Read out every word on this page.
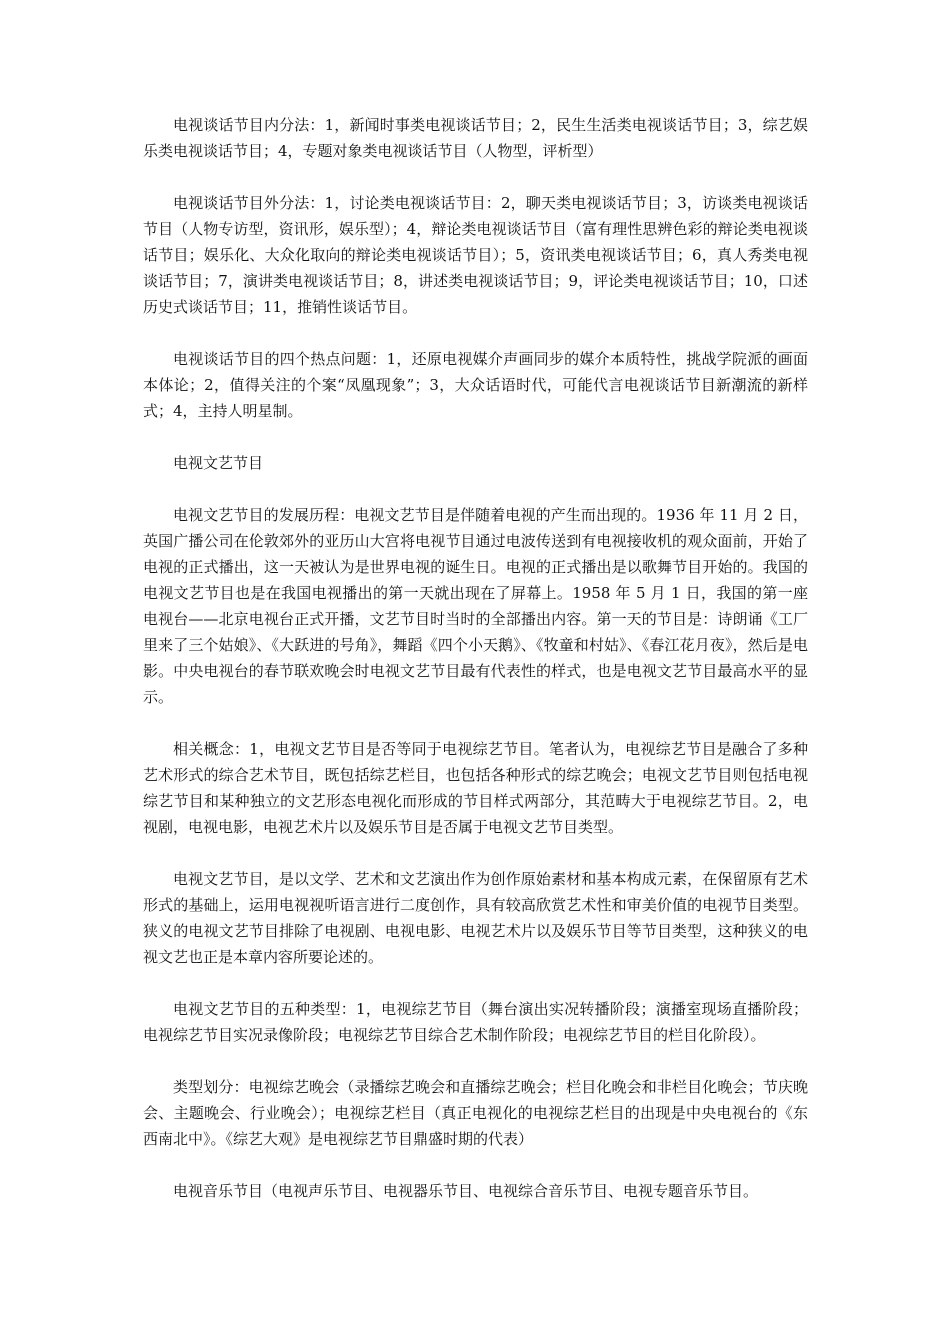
电视谈话节目内分法：1，新闻时事类电视谈话节目；2，民生生活类电视谈话节目；3，综艺娱乐类电视谈话节目；4，专题对象类电视谈话节目（人物型，评析型）

电视谈话节目外分法：1，讨论类电视谈话节目：2，聊天类电视谈话节目；3，访谈类电视谈话节目（人物专访型，资讯形，娱乐型）；4，辩论类电视谈话节目（富有理性思辨色彩的辩论类电视谈话节目；娱乐化、大众化取向的辩论类电视谈话节目）；5，资讯类电视谈话节目；6，真人秀类电视谈话节目；7，演讲类电视谈话节目；8，讲述类电视谈话节目；9，评论类电视谈话节目；10，口述历史式谈话节目；11，推销性谈话节目。

电视谈话节目的四个热点问题：1，还原电视媒介声画同步的媒介本质特性，挑战学院派的画面本体论；2，值得关注的个案“凤凰现象”；3，大众话语时代，可能代言电视谈话节目新潮流的新样式；4，主持人明星制。

电视文艺节目

电视文艺节目的发展历程：电视文艺节目是伴随着电视的产生而出现的。1936 年 11 月 2 日，英国广播公司在伦敦郊外的亚历山大宫将电视节目通过电波传送到有电视接收机的观众面前，开始了电视的正式播出，这一天被认为是世界电视的诞生日。电视的正式播出是以歌舞节目开始的。我国的电视文艺节目也是在我国电视播出的第一天就出现在了屏幕上。1958 年 5 月 1 日，我国的第一座电视台——北京电视台正式开播，文艺节目时当时的全部播出内容。第一天的节目是：诗朗诵《工厂里来了三个姑娘》、《大跃进的号角》，舞蹈《四个小天鹅》、《牧童和村姑》、《春江花月夜》，然后是电影。中央电视台的春节联欢晚会时电视文艺节目最有代表性的样式，也是电视文艺节目最高水平的显示。

相关概念：1，电视文艺节目是否等同于电视综艺节目。笔者认为，电视综艺节目是融合了多种艺术形式的综合艺术节目，既包括综艺栏目，也包括各种形式的综艺晚会；电视文艺节目则包括电视综艺节目和某种独立的文艺形态电视化而形成的节目样式两部分，其范畴大于电视综艺节目。2，电视剧，电视电影，电视艺术片以及娱乐节目是否属于电视文艺节目类型。

电视文艺节目，是以文学、艺术和文艺演出作为创作原始素材和基本构成元素，在保留原有艺术形式的基础上，运用电视视听语言进行二度创作，具有较高欣赏艺术性和审美价值的电视节目类型。狭义的电视文艺节目排除了电视剧、电视电影、电视艺术片以及娱乐节目等节目类型，这种狭义的电视文艺也正是本章内容所要论述的。

电视文艺节目的五种类型：1，电视综艺节目（舞台演出实况转播阶段；演播室现场直播阶段；电视综艺节目实况录像阶段；电视综艺节目综合艺术制作阶段；电视综艺节目的栏目化阶段）。

类型划分：电视综艺晚会（录播综艺晚会和直播综艺晚会；栏目化晚会和非栏目化晚会；节庆晚会、主题晚会、行业晚会）；电视综艺栏目（真正电视化的电视综艺栏目的出现是中央电视台的《东西南北中》。《综艺大观》是电视综艺节目鼎盛时期的代表）

电视音乐节目（电视声乐节目、电视器乐节目、电视综合音乐节目、电视专题音乐节目。
